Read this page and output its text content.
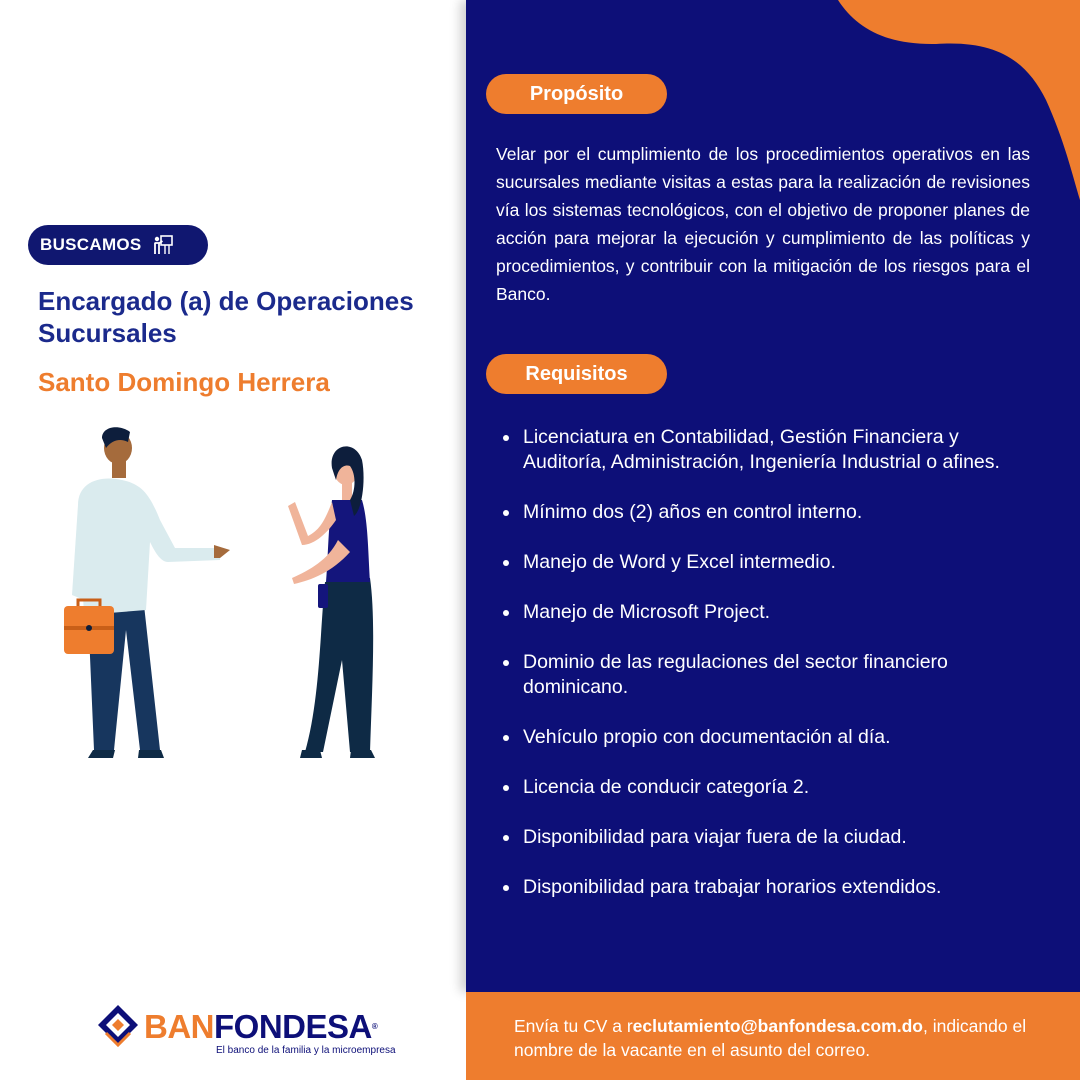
BUSCAMOS
Encargado (a) de Operaciones Sucursales
Santo Domingo Herrera
BANFONDESA®
El banco de la familia y la microempresa
Propósito
Velar por el cumplimiento de los procedimientos operativos en las sucursales mediante visitas a estas para la realización de revisiones vía los sistemas tecnológicos, con el objetivo de proponer planes de acción para mejorar la ejecución y cumplimiento de las políticas y procedimientos, y contribuir con la mitigación de los riesgos para el Banco.
Requisitos
Licenciatura en Contabilidad, Gestión Financiera y Auditoría, Administración, Ingeniería Industrial o afines.
Mínimo dos (2) años en control interno.
Manejo de Word y Excel intermedio.
Manejo de Microsoft Project.
Dominio de las regulaciones del sector financiero dominicano.
Vehículo propio con documentación al día.
Licencia de conducir categoría 2.
Disponibilidad para viajar fuera de la ciudad.
Disponibilidad para trabajar horarios extendidos.
Envía tu CV a reclutamiento@banfondesa.com.do, indicando el nombre de la vacante en el asunto del correo.
